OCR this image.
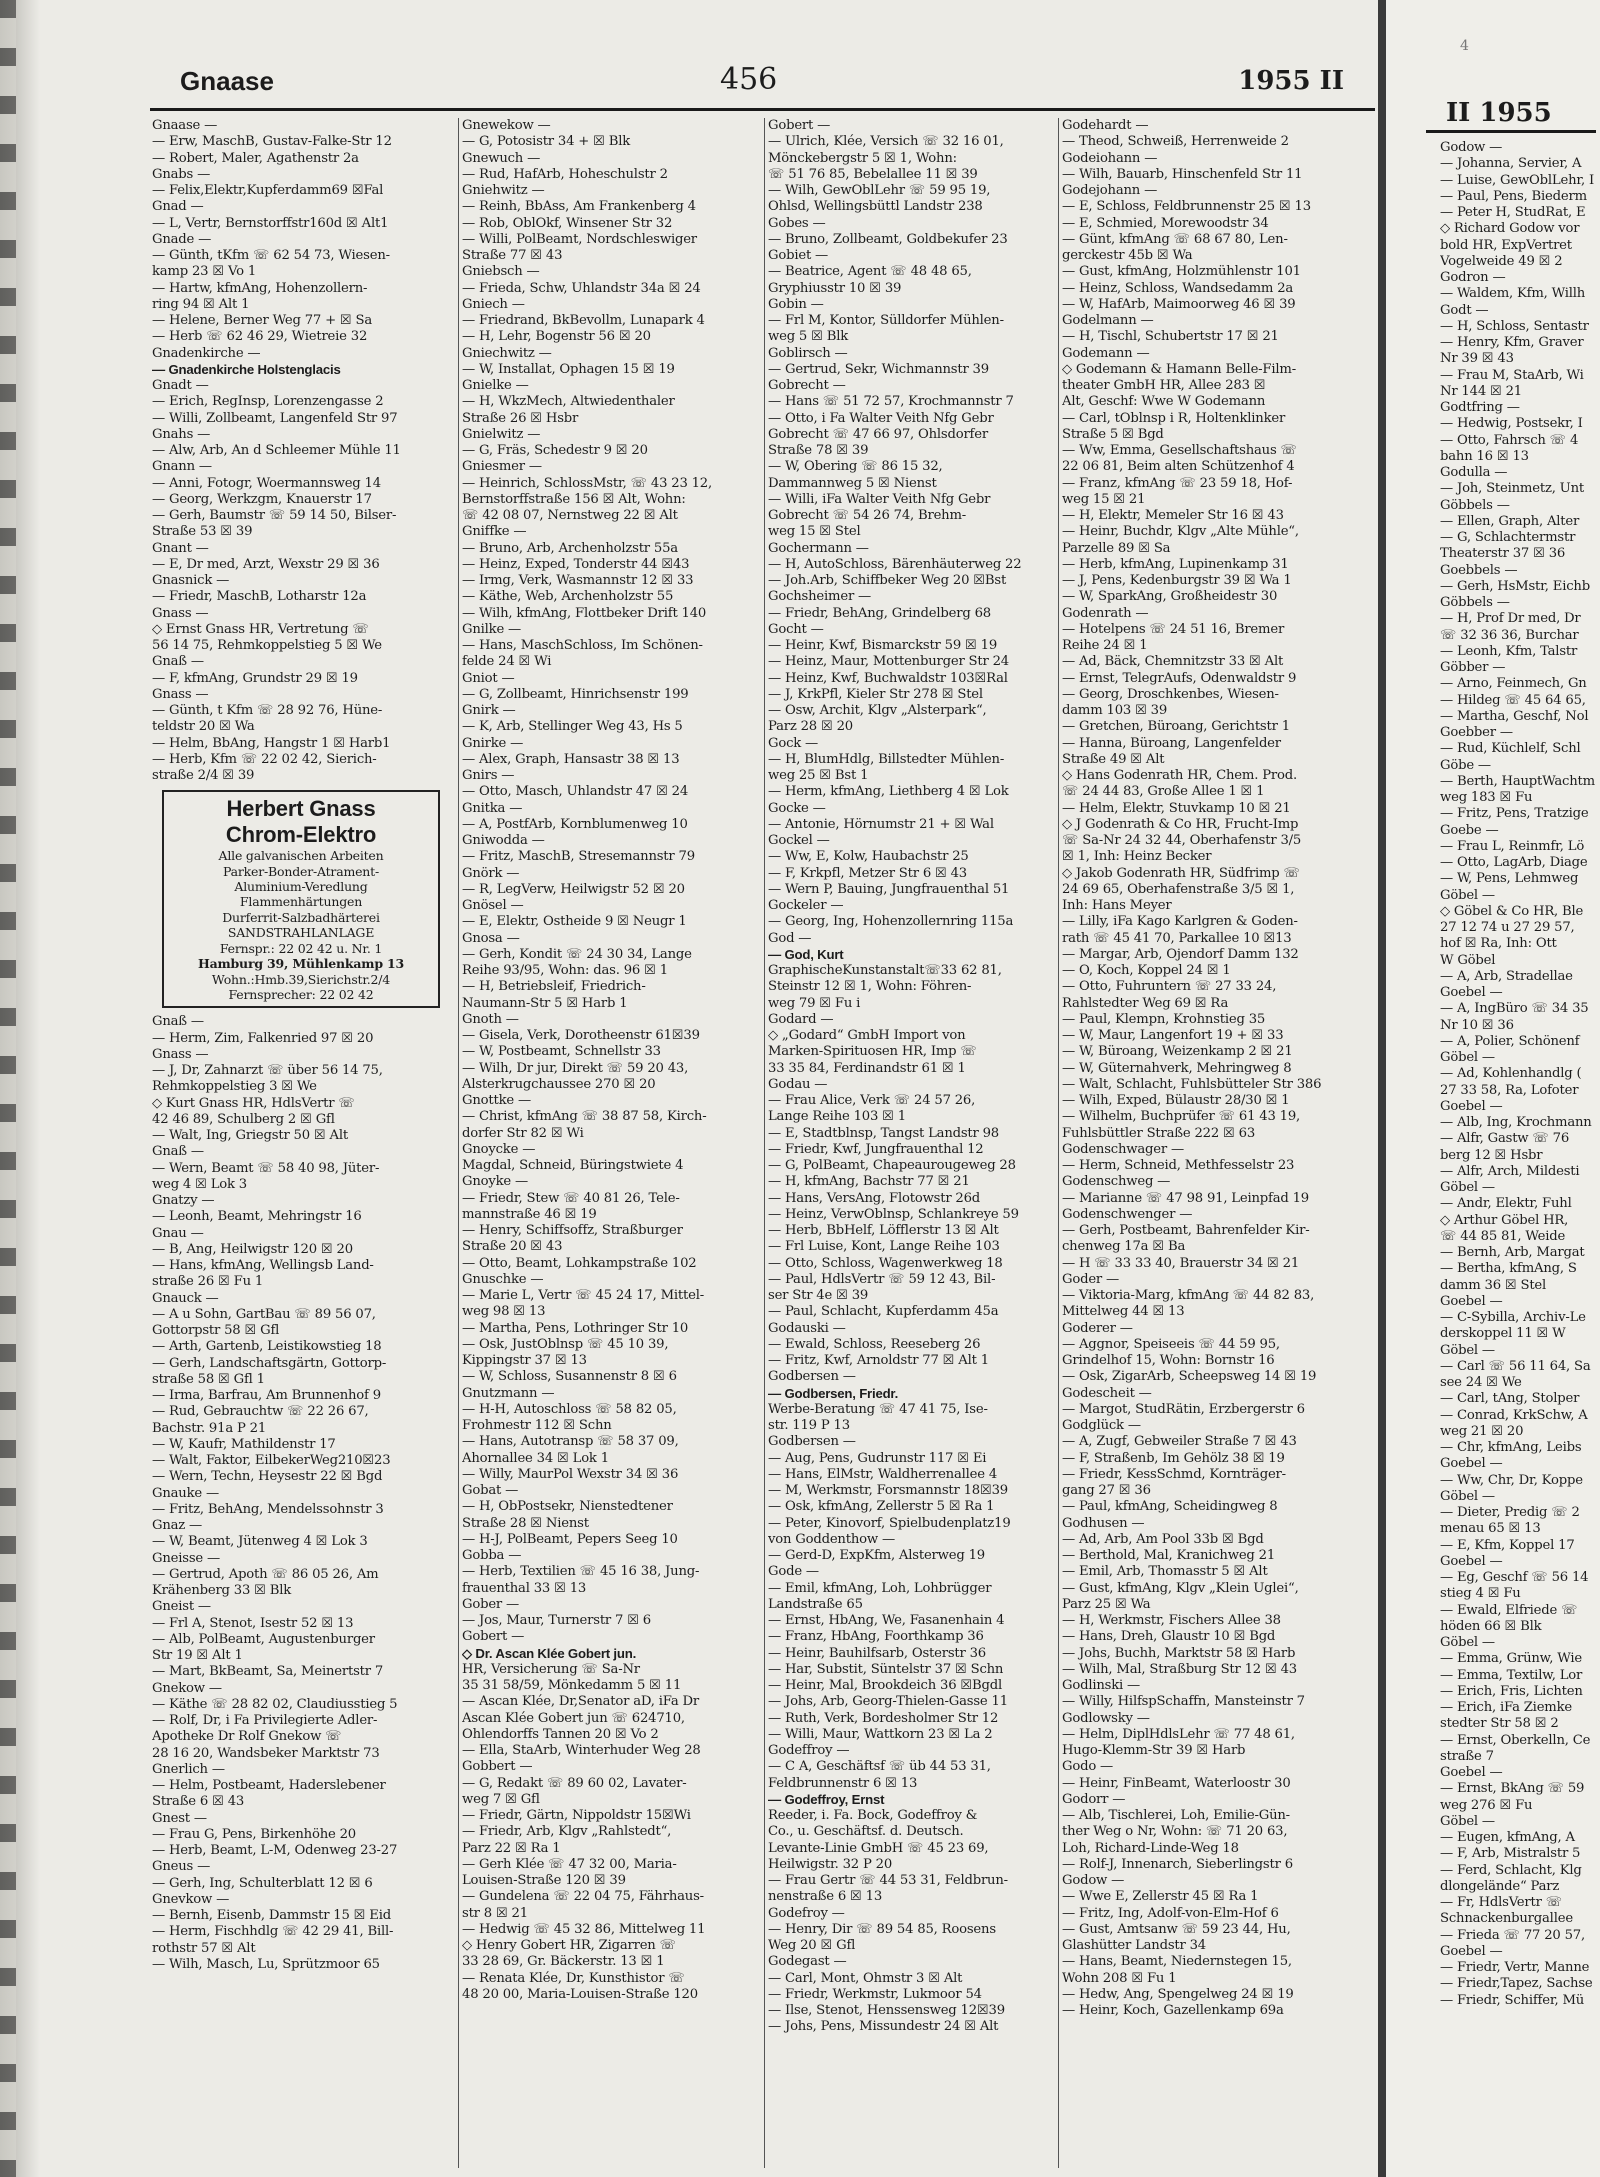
Gnaase	456	1955 II
Gnaase —
— Erw, MaschB, Gustav-Falke-Str 12
— Robert, Maler, Agathenstr 2a
Gnabs —
— Felix,Elektr,Kupferdamm69 ☒Fal
Gnad —
— L, Vertr, Bernstorffstr160d ☒ Alt1
Gnade —
— Günth, tKfm ☏ 62 54 73, Wiesen-
kamp 23 ☒ Vo 1
— Hartw, kfmAng, Hohenzollern-
ring 94 ☒ Alt 1
— Helene, Berner Weg 77 + ☒ Sa
— Herb ☏ 62 46 29, Wietreie 32
Gnadenkirche —
— Gnadenkirche Holstenglacis
Gnadt —
— Erich, RegInsp, Lorenzengasse 2
— Willi, Zollbeamt, Langenfeld Str 97
Gnahs —
— Alw, Arb, An d Schleemer Mühle 11
Gnann —
— Anni, Fotogr, Woermannsweg 14
— Georg, Werkzgm, Knauerstr 17
— Gerh, Baumstr ☏ 59 14 50, Bilser-
Straße 53 ☒ 39
Gnant —
— E, Dr med, Arzt, Wexstr 29 ☒ 36
Gnasnick —
— Friedr, MaschB, Lotharstr 12a
Gnass —
◇ Ernst Gnass HR, Vertretung ☏
56 14 75, Rehmkoppelstieg 5 ☒ We
Gnaß —
— F, kfmAng, Grundstr 29 ☒ 19
Gnass —
— Günth, t Kfm ☏ 28 92 76, Hüne-
teldstr 20 ☒ Wa
— Helm, BbAng, Hangstr 1 ☒ Harb1
— Herb, Kfm ☏ 22 02 42, Sierich-
straße 2/4 ☒ 39
Herbert Gnass
Chrom-Elektro
Alle galvanischen Arbeiten
Parker-Bonder-Atrament-
Aluminium-Veredlung
Flammenhärtungen
Durferrit-Salzbadhärterei
SANDSTRAHLANLAGE
Fernspr.: 22 02 42 u. Nr. 1
Hamburg 39, Mühlenkamp 13
Wohn.:Hmb.39,Sierichstr.2/4
Fernsprecher: 22 02 42
Gnaß —
— Herm, Zim, Falkenried 97 ☒ 20
Gnass —
— J, Dr, Zahnarzt ☏ über 56 14 75,
Rehmkoppelstieg 3 ☒ We
◇ Kurt Gnass HR, HdlsVertr ☏
42 46 89, Schulberg 2 ☒ Gfl
— Walt, Ing, Griegstr 50 ☒ Alt
Gnaß —
— Wern, Beamt ☏ 58 40 98, Jüter-
weg 4 ☒ Lok 3
Gnatzy —
— Leonh, Beamt, Mehringstr 16
Gnau —
— B, Ang, Heilwigstr 120 ☒ 20
— Hans, kfmAng, Wellingsb Land-
straße 26 ☒ Fu 1
Gnauck —
— A u Sohn, GartBau ☏ 89 56 07,
Gottorpstr 58 ☒ Gfl
— Arth, Gartenb, Leistikowstieg 18
— Gerh, Landschaftsgärtn, Gottorp-
straße 58 ☒ Gfl 1
— Irma, Barfrau, Am Brunnenhof 9
— Rud, Gebrauchtw ☏ 22 26 67,
Bachstr. 91a P 21
— W, Kaufr, Mathildenstr 17
— Walt, Faktor, EilbekerWeg210☒23
— Wern, Techn, Heysestr 22 ☒ Bgd
Gnauke —
— Fritz, BehAng, Mendelssohnstr 3
Gnaz —
— W, Beamt, Jütenweg 4 ☒ Lok 3
Gneisse —
— Gertrud, Apoth ☏ 86 05 26, Am
Krähenberg 33 ☒ Blk
Gneist —
— Frl A, Stenot, Isestr 52 ☒ 13
— Alb, PolBeamt, Augustenburger
Str 19 ☒ Alt 1
— Mart, BkBeamt, Sa, Meinertstr 7
Gnekow —
— Käthe ☏ 28 82 02, Claudiusstieg 5
— Rolf, Dr, i Fa Privilegierte Adler-
Apotheke Dr Rolf Gnekow ☏
28 16 20, Wandsbeker Marktstr 73
Gnerlich —
— Helm, Postbeamt, Haderslebener
Straße 6 ☒ 43
Gnest —
— Frau G, Pens, Birkenhöhe 20
— Herb, Beamt, L-M, Odenweg 23-27
Gneus —
— Gerh, Ing, Schulterblatt 12 ☒ 6
Gnevkow —
— Bernh, Eisenb, Dammstr 15 ☒ Eid
— Herm, Fischhdlg ☏ 42 29 41, Bill-
rothstr 57 ☒ Alt
— Wilh, Masch, Lu, Sprützmoor 65
Gnewekow —
— G, Potosistr 34 + ☒ Blk
Gnewuch —
— Rud, HafArb, Hoheschulstr 2
Gniehwitz —
— Reinh, BbAss, Am Frankenberg 4
— Rob, OblOkf, Winsener Str 32
— Willi, PolBeamt, Nordschleswiger
Straße 77 ☒ 43
Gniebsch —
— Frieda, Schw, Uhlandstr 34a ☒ 24
Gniech —
— Friedrand, BkBevollm, Lunapark 4
— H, Lehr, Bogenstr 56 ☒ 20
Gniechwitz —
— W, Installat, Ophagen 15 ☒ 19
Gnielke —
— H, WkzMech, Altwiedenthaler
Straße 26 ☒ Hsbr
Gnielwitz —
— G, Fräs, Schedestr 9 ☒ 20
Gniesmer —
— Heinrich, SchlossMstr, ☏ 43 23 12,
Bernstorffstraße 156 ☒ Alt, Wohn:
☏ 42 08 07, Nernstweg 22 ☒ Alt
Gniffke —
— Bruno, Arb, Archenholzstr 55a
— Heinz, Exped, Tonderstr 44 ☒43
— Irmg, Verk, Wasmannstr 12 ☒ 33
— Käthe, Web, Archenholzstr 55
— Wilh, kfmAng, Flottbeker Drift 140
Gnilke —
— Hans, MaschSchloss, Im Schönen-
felde 24 ☒ Wi
Gniot —
— G, Zollbeamt, Hinrichsenstr 199
Gnirk —
— K, Arb, Stellinger Weg 43, Hs 5
Gnirke —
— Alex, Graph, Hansastr 38 ☒ 13
Gnirs —
— Otto, Masch, Uhlandstr 47 ☒ 24
Gnitka —
— A, PostfArb, Kornblumenweg 10
Gniwodda —
— Fritz, MaschB, Stresemannstr 79
Gnörk —
— R, LegVerw, Heilwigstr 52 ☒ 20
Gnösel —
— E, Elektr, Ostheide 9 ☒ Neugr 1
Gnosa —
— Gerh, Kondit ☏ 24 30 34, Lange
Reihe 93/95, Wohn: das. 96 ☒ 1
— H, Betriebsleif, Friedrich-
Naumann-Str 5 ☒ Harb 1
Gnoth —
— Gisela, Verk, Dorotheenstr 61☒39
— W, Postbeamt, Schnellstr 33
— Wilh, Dr jur, Direkt ☏ 59 20 43,
Alsterkrugchaussee 270 ☒ 20
Gnottke —
— Christ, kfmAng ☏ 38 87 58, Kirch-
dorfer Str 82 ☒ Wi
Gnoycke —
Magdal, Schneid, Büringstwiete 4
Gnoyke —
— Friedr, Stew ☏ 40 81 26, Tele-
mannstraße 46 ☒ 19
— Henry, Schiffsoffz, Straßburger
Straße 20 ☒ 43
— Otto, Beamt, Lohkampstraße 102
Gnuschke —
— Marie L, Vertr ☏ 45 24 17, Mittel-
weg 98 ☒ 13
— Martha, Pens, Lothringer Str 10
— Osk, JustOblnsp ☏ 45 10 39,
Kippingstr 37 ☒ 13
— W, Schloss, Susannenstr 8 ☒ 6
Gnutzmann —
— H-H, Autoschloss ☏ 58 82 05,
Frohmestr 112 ☒ Schn
— Hans, Autotransp ☏ 58 37 09,
Ahornallee 34 ☒ Lok 1
— Willy, MaurPol Wexstr 34 ☒ 36
Gobat —
— H, ObPostsekr, Nienstedtener
Straße 28 ☒ Nienst
— H-J, PolBeamt, Pepers Seeg 10
Gobba —
— Herb, Textilien ☏ 45 16 38, Jung-
frauenthal 33 ☒ 13
Gober —
— Jos, Maur, Turnerstr 7 ☒ 6
Gobert —
◇ Dr. Ascan Klée Gobert jun.
HR, Versicherung ☏ Sa-Nr
35 31 58/59, Mönkedamm 5 ☒ 11
— Ascan Klée, Dr,Senator aD, iFa Dr
Ascan Klée Gobert jun ☏ 624710,
Ohlendorffs Tannen 20 ☒ Vo 2
— Ella, StaArb, Winterhuder Weg 28
Gobbert —
— G, Redakt ☏ 89 60 02, Lavater-
weg 7 ☒ Gfl
— Friedr, Gärtn, Nippoldstr 15☒Wi
— Friedr, Arb, Klgv „Rahlstedt“,
Parz 22 ☒ Ra 1
— Gerh Klée ☏ 47 32 00, Maria-
Louisen-Straße 120 ☒ 39
— Gundelena ☏ 22 04 75, Fährhaus-
str 8 ☒ 21
— Hedwig ☏ 45 32 86, Mittelweg 11
◇ Henry Gobert HR, Zigarren ☏
33 28 69, Gr. Bäckerstr. 13 ☒ 1
— Renata Klée, Dr, Kunsthistor ☏
48 20 00, Maria-Louisen-Straße 120
Gobert —
— Ulrich, Klée, Versich ☏ 32 16 01,
Mönckebergstr 5 ☒ 1, Wohn:
☏ 51 76 85, Bebelallee 11 ☒ 39
— Wilh, GewOblLehr ☏ 59 95 19,
Ohlsd, Wellingsbüttl Landstr 238
Gobes —
— Bruno, Zollbeamt, Goldbekufer 23
Gobiet —
— Beatrice, Agent ☏ 48 48 65,
Gryphiusstr 10 ☒ 39
Gobin —
— Frl M, Kontor, Sülldorfer Mühlen-
weg 5 ☒ Blk
Goblirsch —
— Gertrud, Sekr, Wichmannstr 39
Gobrecht —
— Hans ☏ 51 72 57, Krochmannstr 7
— Otto, i Fa Walter Veith Nfg Gebr
Gobrecht ☏ 47 66 97, Ohlsdorfer
Straße 78 ☒ 39
— W, Obering ☏ 86 15 32,
Dammannweg 5 ☒ Nienst
— Willi, iFa Walter Veith Nfg Gebr
Gobrecht ☏ 54 26 74, Brehm-
weg 15 ☒ Stel
Gochermann —
— H, AutoSchloss, Bärenhäuterweg 22
— Joh.Arb, Schiffbeker Weg 20 ☒Bst
Gochsheimer —
— Friedr, BehAng, Grindelberg 68
Gocht —
— Heinr, Kwf, Bismarckstr 59 ☒ 19
— Heinz, Maur, Mottenburger Str 24
— Heinz, Kwf, Buchwaldstr 103☒Ral
— J, KrkPfl, Kieler Str 278 ☒ Stel
— Osw, Archit, Klgv „Alsterpark“,
Parz 28 ☒ 20
Gock —
— H, BlumHdlg, Billstedter Mühlen-
weg 25 ☒ Bst 1
— Herm, kfmAng, Liethberg 4 ☒ Lok
Gocke —
— Antonie, Hörnumstr 21 + ☒ Wal
Gockel —
— Ww, E, Kolw, Haubachstr 25
— F, Krkpfl, Metzer Str 6 ☒ 43
— Wern P, Bauing, Jungfrauenthal 51
Gockeler —
— Georg, Ing, Hohenzollernring 115a
God —
— God, Kurt
GraphischeKunstanstalt☏33 62 81,
Steinstr 12 ☒ 1, Wohn: Föhren-
weg 79 ☒ Fu i
Godard —
◇ „Godard“ GmbH Import von
Marken-Spirituosen HR, Imp ☏
33 35 84, Ferdinandstr 61 ☒ 1
Godau —
— Frau Alice, Verk ☏ 24 57 26,
Lange Reihe 103 ☒ 1
— E, Stadtblnsp, Tangst Landstr 98
— Friedr, Kwf, Jungfrauenthal 12
— G, PolBeamt, Chapeaurougeweg 28
— H, kfmAng, Bachstr 77 ☒ 21
— Hans, VersAng, Flotowstr 26d
— Heinz, VerwOblnsp, Schlankreye 59
— Herb, BbHelf, Löfflerstr 13 ☒ Alt
— Frl Luise, Kont, Lange Reihe 103
— Otto, Schloss, Wagenwerkweg 18
— Paul, HdlsVertr ☏ 59 12 43, Bil-
ser Str 4e ☒ 39
— Paul, Schlacht, Kupferdamm 45a
Godauski —
— Ewald, Schloss, Reeseberg 26
— Fritz, Kwf, Arnoldstr 77 ☒ Alt 1
Godbersen —
— Godbersen, Friedr.
Werbe-Beratung ☏ 47 41 75, Ise-
str. 119 P 13
Godbersen —
— Aug, Pens, Gudrunstr 117 ☒ Ei
— Hans, ElMstr, Waldherrenallee 4
— M, Werkmstr, Forsmannstr 18☒39
— Osk, kfmAng, Zellerstr 5 ☒ Ra 1
— Peter, Kinovorf, Spielbudenplatz19
von Goddenthow —
— Gerd-D, ExpKfm, Alsterweg 19
Gode —
— Emil, kfmAng, Loh, Lohbrügger
Landstraße 65
— Ernst, HbAng, We, Fasanenhain 4
— Franz, HbAng, Foorthkamp 36
— Heinr, Bauhilfsarb, Osterstr 36
— Har, Substit, Süntelstr 37 ☒ Schn
— Heinr, Mal, Brookdeich 36 ☒Bgdl
— Johs, Arb, Georg-Thielen-Gasse 11
— Ruth, Verk, Bordesholmer Str 12
— Willi, Maur, Wattkorn 23 ☒ La 2
Godeffroy —
— C A, Geschäftsf ☏ üb 44 53 31,
Feldbrunnenstr 6 ☒ 13
— Godeffroy, Ernst
Reeder, i. Fa. Bock, Godeffroy &
Co., u. Geschäftsf. d. Deutsch.
Levante-Linie GmbH ☏ 45 23 69,
Heilwigstr. 32 P 20
— Frau Gertr ☏ 44 53 31, Feldbrun-
nenstraße 6 ☒ 13
Godefroy —
— Henry, Dir ☏ 89 54 85, Roosens
Weg 20 ☒ Gfl
Godegast —
— Carl, Mont, Ohmstr 3 ☒ Alt
— Friedr, Werkmstr, Lukmoor 54
— Ilse, Stenot, Henssensweg 12☒39
— Johs, Pens, Missundestr 24 ☒ Alt
Godehardt —
— Theod, Schweiß, Herrenweide 2
Godeiohann —
— Wilh, Bauarb, Hinschenfeld Str 11
Godejohann —
— E, Schloss, Feldbrunnenstr 25 ☒ 13
— E, Schmied, Morewoodstr 34
— Günt, kfmAng ☏ 68 67 80, Len-
gerckestr 45b ☒ Wa
— Gust, kfmAng, Holzmühlenstr 101
— Heinz, Schloss, Wandsedamm 2a
— W, HafArb, Maimoorweg 46 ☒ 39
Godelmann —
— H, Tischl, Schubertstr 17 ☒ 21
Godemann —
◇ Godemann & Hamann Belle-Film-
theater GmbH HR, Allee 283 ☒
Alt, Geschf: Wwe W Godemann
— Carl, tOblnsp i R, Holtenklinker
Straße 5 ☒ Bgd
— Ww, Emma, Gesellschaftshaus ☏
22 06 81, Beim alten Schützenhof 4
— Franz, kfmAng ☏ 23 59 18, Hof-
weg 15 ☒ 21
— H, Elektr, Memeler Str 16 ☒ 43
— Heinr, Buchdr, Klgv „Alte Mühle“,
Parzelle 89 ☒ Sa
— Herb, kfmAng, Lupinenkamp 31
— J, Pens, Kedenburgstr 39 ☒ Wa 1
— W, SparkAng, Großheidestr 30
Godenrath —
— Hotelpens ☏ 24 51 16, Bremer
Reihe 24 ☒ 1
— Ad, Bäck, Chemnitzstr 33 ☒ Alt
— Ernst, TelegrAufs, Odenwaldstr 9
— Georg, Droschkenbes, Wiesen-
damm 103 ☒ 39
— Gretchen, Büroang, Gerichtstr 1
— Hanna, Büroang, Langenfelder
Straße 49 ☒ Alt
◇ Hans Godenrath HR, Chem. Prod.
☏ 24 44 83, Große Allee 1 ☒ 1
— Helm, Elektr, Stuvkamp 10 ☒ 21
◇ J Godenrath & Co HR, Frucht-Imp
☏ Sa-Nr 24 32 44, Oberhafenstr 3/5
☒ 1, Inh: Heinz Becker
◇ Jakob Godenrath HR, Südfrimp ☏
24 69 65, Oberhafenstraße 3/5 ☒ 1,
Inh: Hans Meyer
— Lilly, iFa Kago Karlgren & Goden-
rath ☏ 45 41 70, Parkallee 10 ☒13
— Margar, Arb, Ojendorf Damm 132
— O, Koch, Koppel 24 ☒ 1
— Otto, Fuhruntern ☏ 27 33 24,
Rahlstedter Weg 69 ☒ Ra
— Paul, Klempn, Krohnstieg 35
— W, Maur, Langenfort 19 + ☒ 33
— W, Büroang, Weizenkamp 2 ☒ 21
— W, Güternahverk, Mehringweg 8
— Walt, Schlacht, Fuhlsbütteler Str 386
— Wilh, Exped, Bülaustr 28/30 ☒ 1
— Wilhelm, Buchprüfer ☏ 61 43 19,
Fuhlsbüttler Straße 222 ☒ 63
Godenschwager —
— Herm, Schneid, Methfesselstr 23
Godenschweg —
— Marianne ☏ 47 98 91, Leinpfad 19
Godenschwenger —
— Gerh, Postbeamt, Bahrenfelder Kir-
chenweg 17a ☒ Ba
— H ☏ 33 33 40, Brauerstr 34 ☒ 21
Goder —
— Viktoria-Marg, kfmAng ☏ 44 82 83,
Mittelweg 44 ☒ 13
Goderer —
— Aggnor, Speiseeis ☏ 44 59 95,
Grindelhof 15, Wohn: Bornstr 16
— Osk, ZigarArb, Scheepsweg 14 ☒ 19
Godescheit —
— Margot, StudRätin, Erzbergerstr 6
Godglück —
— A, Zugf, Gebweiler Straße 7 ☒ 43
— F, Straßenb, Im Gehölz 38 ☒ 19
— Friedr, KessSchmd, Kornträger-
gang 27 ☒ 36
— Paul, kfmAng, Scheidingweg 8
Godhusen —
— Ad, Arb, Am Pool 33b ☒ Bgd
— Berthold, Mal, Kranichweg 21
— Emil, Arb, Thomasstr 5 ☒ Alt
— Gust, kfmAng, Klgv „Klein Uglei“,
Parz 25 ☒ Wa
— H, Werkmstr, Fischers Allee 38
— Hans, Dreh, Glaustr 10 ☒ Bgd
— Johs, Buchh, Marktstr 58 ☒ Harb
— Wilh, Mal, Straßburg Str 12 ☒ 43
Godlinski —
— Willy, HilfspSchaffn, Mansteinstr 7
Godlowsky —
— Helm, DiplHdlsLehr ☏ 77 48 61,
Hugo-Klemm-Str 39 ☒ Harb
Godo —
— Heinr, FinBeamt, Waterloostr 30
Godorr —
— Alb, Tischlerei, Loh, Emilie-Gün-
ther Weg o Nr, Wohn: ☏ 71 20 63,
Loh, Richard-Linde-Weg 18
— Rolf-J, Innenarch, Sieberlingstr 6
Godow —
— Wwe E, Zellerstr 45 ☒ Ra 1
— Fritz, Ing, Adolf-von-Elm-Hof 6
— Gust, Amtsanw ☏ 59 23 44, Hu,
Glashütter Landstr 34
— Hans, Beamt, Niedernstegen 15,
Wohn 208 ☒ Fu 1
— Hedw, Ang, Spengelweg 24 ☒ 19
— Heinr, Koch, Gazellenkamp 69a
4
II 1955
Godow —
— Johanna, Servier, A
— Luise, GewOblLehr, I
— Paul, Pens, Biederm
— Peter H, StudRat, E
◇ Richard Godow vor
bold HR, ExpVertret
Vogelweide 49 ☒ 2
Godron —
— Waldem, Kfm, Willh
Godt —
— H, Schloss, Sentastr
— Henry, Kfm, Graver
Nr 39 ☒ 43
— Frau M, StaArb, Wi
Nr 144 ☒ 21
Godtfring —
— Hedwig, Postsekr, I
— Otto, Fahrsch ☏ 4
bahn 16 ☒ 13
Godulla —
— Joh, Steinmetz, Unt
Göbbels —
— Ellen, Graph, Alter
— G, Schlachtermstr
Theaterstr 37 ☒ 36
Goebbels —
— Gerh, HsMstr, Eichb
Göbbels —
— H, Prof Dr med, Dr
☏ 32 36 36, Burchar
— Leonh, Kfm, Talstr
Göbber —
— Arno, Feinmech, Gn
— Hildeg ☏ 45 64 65,
— Martha, Geschf, Nol
Goebber —
— Rud, Küchlelf, Schl
Göbe —
— Berth, HauptWachtm
weg 183 ☒ Fu
— Fritz, Pens, Tratzige
Goebe —
— Frau L, Reinmfr, Lö
— Otto, LagArb, Diage
— W, Pens, Lehmweg
Göbel —
◇ Göbel & Co HR, Ble
27 12 74 u 27 29 57,
hof ☒ Ra, Inh: Ott
W Göbel
— A, Arb, Stradellae
Goebel —
— A, IngBüro ☏ 34 35
Nr 10 ☒ 36
— A, Polier, Schönenf
Göbel —
— Ad, Kohlenhandlg (
27 33 58, Ra, Lofoter
Goebel —
— Alb, Ing, Krochmann
— Alfr, Gastw ☏ 76
berg 12 ☒ Hsbr
— Alfr, Arch, Mildesti
Göbel —
— Andr, Elektr, Fuhl
◇ Arthur Göbel HR,
☏ 44 85 81, Weide
— Bernh, Arb, Margat
— Bertha, kfmAng, S
damm 36 ☒ Stel
Goebel —
— C-Sybilla, Archiv-Le
derskoppel 11 ☒ W
Göbel —
— Carl ☏ 56 11 64, Sa
see 24 ☒ We
— Carl, tAng, Stolper
— Conrad, KrkSchw, A
weg 21 ☒ 20
— Chr, kfmAng, Leibs
Goebel —
— Ww, Chr, Dr, Koppe
Göbel —
— Dieter, Predig ☏ 2
menau 65 ☒ 13
— E, Kfm, Koppel 17
Goebel —
— Eg, Geschf ☏ 56 14
stieg 4 ☒ Fu
— Ewald, Elfriede ☏
höden 66 ☒ Blk
Göbel —
— Emma, Grünw, Wie
— Emma, Textilw, Lor
— Erich, Fris, Lichten
— Erich, iFa Ziemke
stedter Str 58 ☒ 2
— Ernst, Oberkelln, Ce
straße 7
Goebel —
— Ernst, BkAng ☏ 59
weg 276 ☒ Fu
Göbel —
— Eugen, kfmAng, A
— F, Arb, Mistralstr 5
— Ferd, Schlacht, Klg
dlongelände“ Parz
— Fr, HdlsVertr ☏
Schnackenburgallee
— Frieda ☏ 77 20 57,
Goebel —
— Friedr, Vertr, Manne
— Friedr,Tapez, Sachse
— Friedr, Schiffer, Mü
